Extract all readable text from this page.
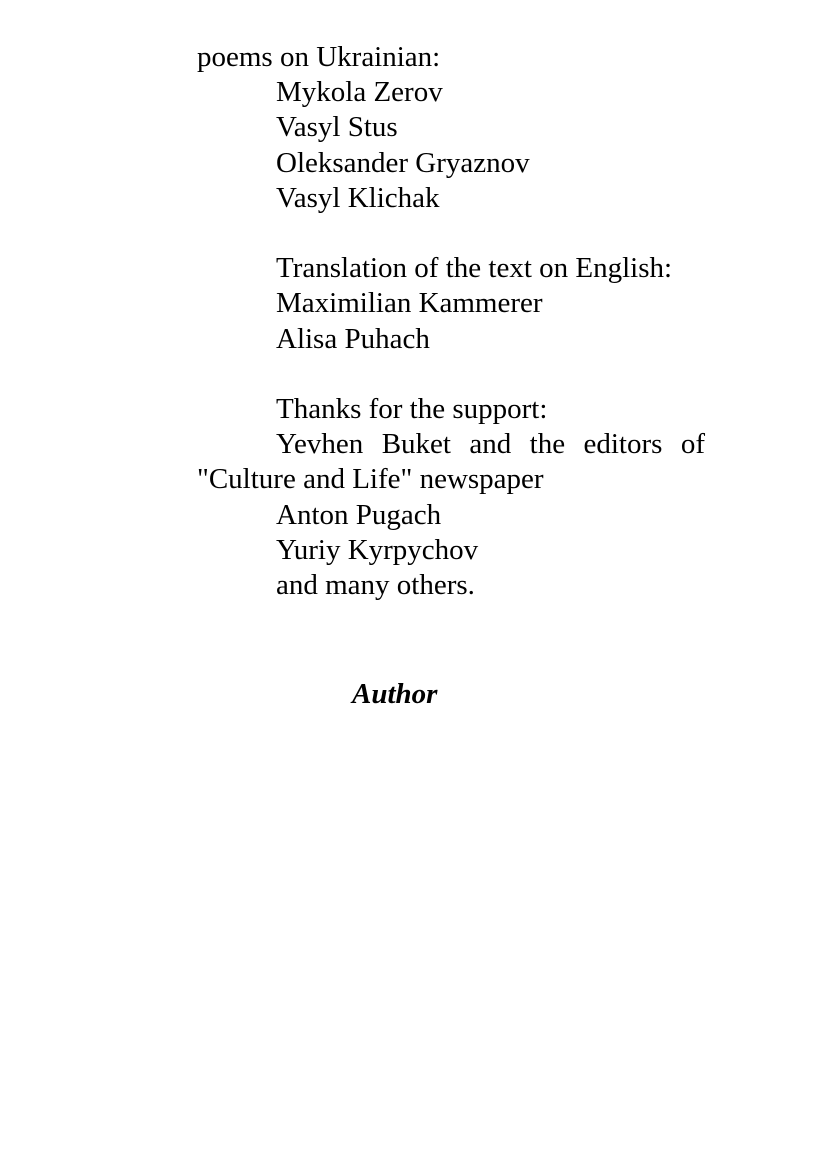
poems on Ukrainian:
Mykola Zerov
Vasyl Stus
Oleksander Gryaznov
Vasyl Klichak
Translation of the text on English:
Maximilian Kammerer
Alisa Puhach
Thanks for the support:
Yevhen Buket and the editors of
"Culture and Life" newspaper
Anton Pugach
Yuriy Kyrpychov
and many others.
Author
